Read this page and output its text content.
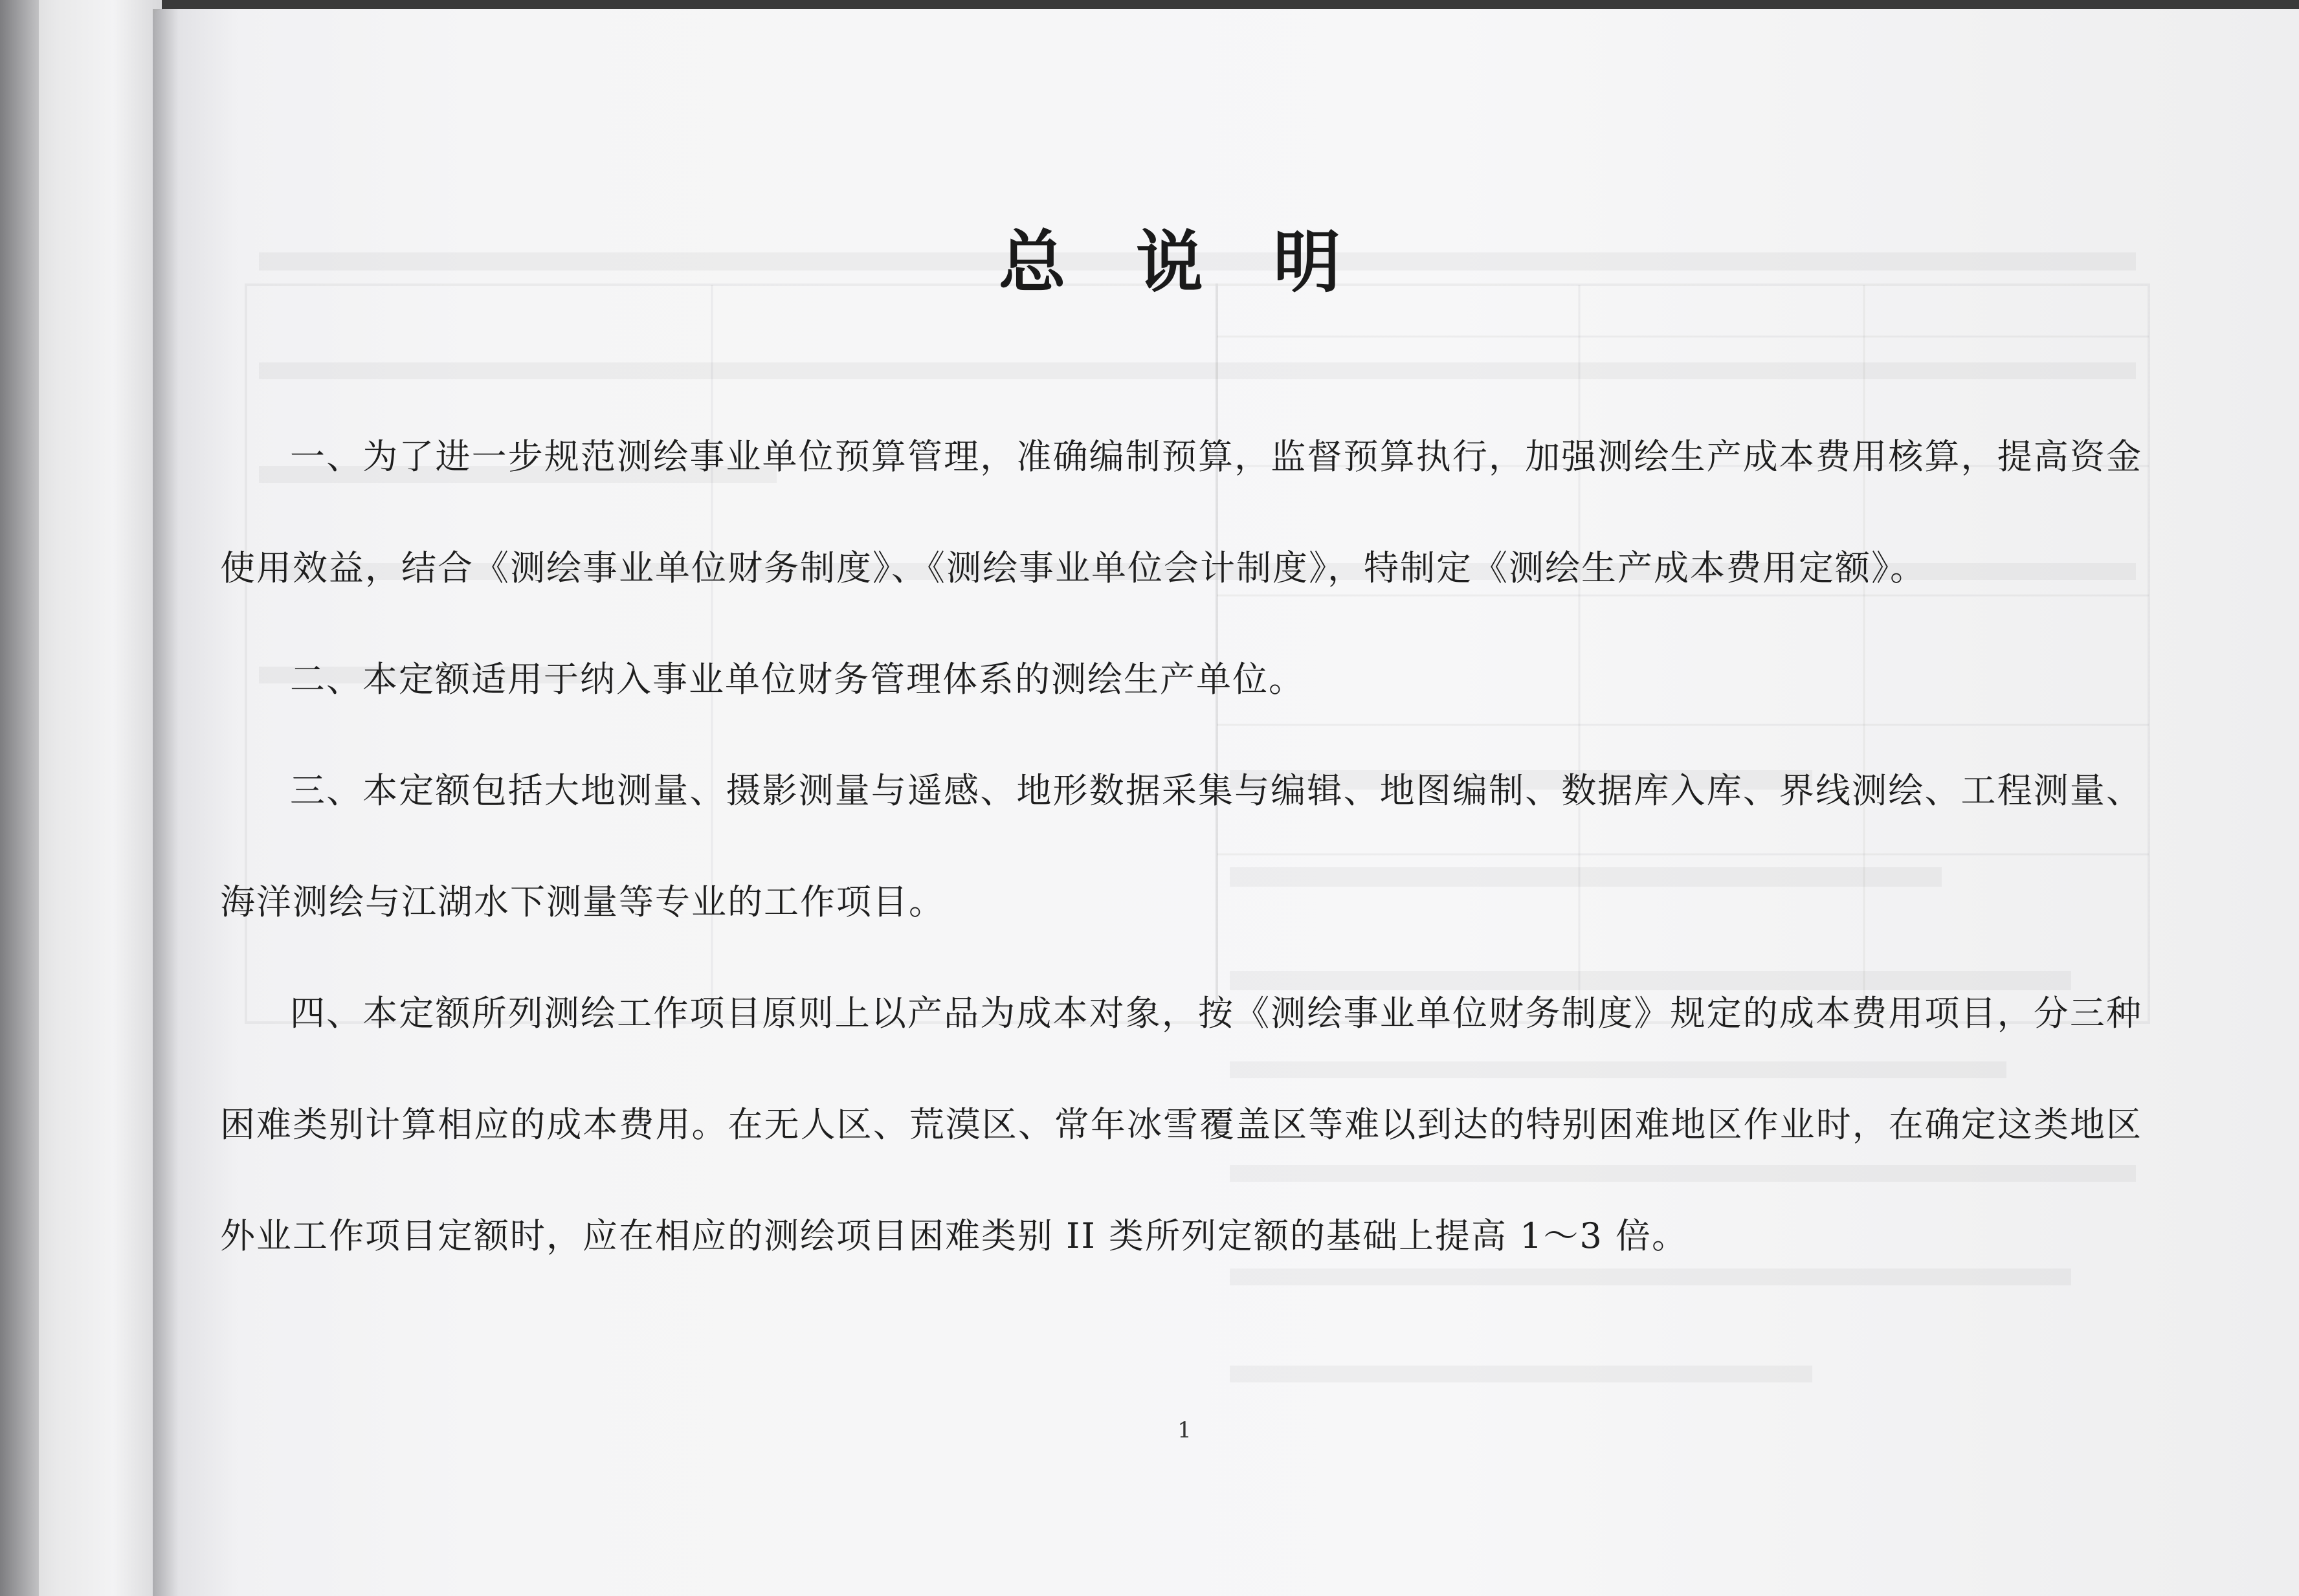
总 说 明

一、为了进一步规范测绘事业单位预算管理，准确编制预算，监督预算执行，加强测绘生产成本费用核算，提高资金使用效益，结合《测绘事业单位财务制度》、《测绘事业单位会计制度》，特制定《测绘生产成本费用定额》。

二、本定额适用于纳入事业单位财务管理体系的测绘生产单位。

三、本定额包括大地测量、摄影测量与遥感、地形数据采集与编辑、地图编制、数据库入库、界线测绘、工程测量、海洋测绘与江湖水下测量等专业的工作项目。

四、本定额所列测绘工作项目原则上以产品为成本对象，按《测绘事业单位财务制度》规定的成本费用项目，分三种困难类别计算相应的成本费用。在无人区、荒漠区、常年冰雪覆盖区等难以到达的特别困难地区作业时，在确定这类地区外业工作项目定额时，应在相应的测绘项目困难类别 II 类所列定额的基础上提高 1～3 倍。

1
